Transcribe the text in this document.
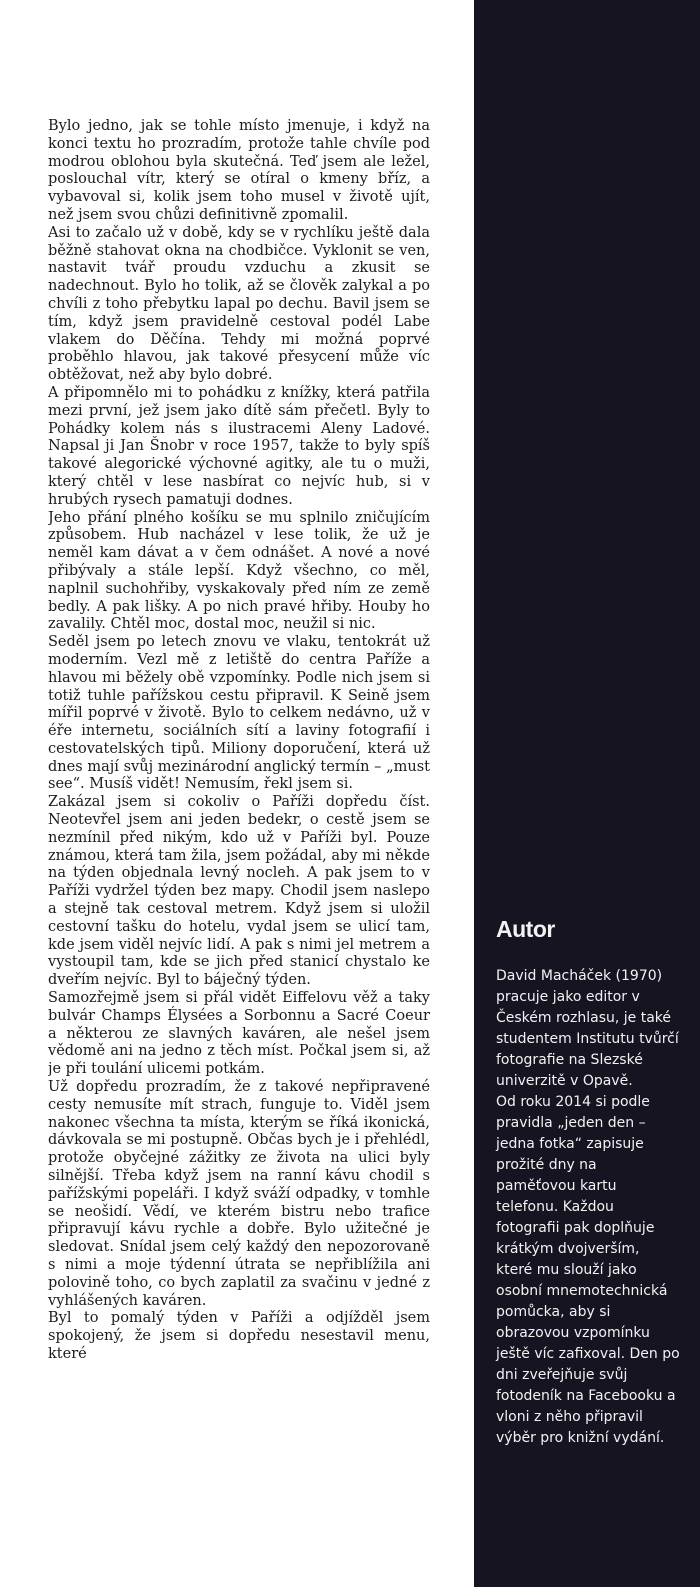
Bylo jedno, jak se tohle místo jmenuje, i když na konci textu ho prozradím, protože tahle chvíle pod modrou oblohou byla skutečná. Teď jsem ale ležel, poslouchal vítr, který se otíral o kmeny bříz, a vybavoval si, kolik jsem toho musel v životě ujít, než jsem svou chůzi definitivně zpomalil.

Asi to začalo už v době, kdy se v rychlíku ještě dala běžně stahovat okna na chodbičce. Vyklonit se ven, nastavit tvář proudu vzduchu a zkusit se nadechnout. Bylo ho tolik, až se člověk zalykal a po chvíli z toho přebytku lapal po dechu. Bavil jsem se tím, když jsem pravidelně cestoval podél Labe vlakem do Děčína. Tehdy mi možná poprvé proběhlo hlavou, jak takové přesycení může víc obtěžovat, než aby bylo dobré.

A připomnělo mi to pohádku z knížky, která patřila mezi první, jež jsem jako dítě sám přečetl. Byly to Pohádky kolem nás s ilustracemi Aleny Ladové. Napsal ji Jan Šnobr v roce 1957, takže to byly spíš takové alegorické výchovné agitky, ale tu o muži, který chtěl v lese nasbírat co nejvíc hub, si v hrubých rysech pamatuji dodnes.

Jeho přání plného košíku se mu splnilo zničujícím způsobem. Hub nacházel v lese tolik, že už je neměl kam dávat a v čem odnášet. A nové a nové přibývaly a stále lepší. Když všechno, co měl, naplnil suchohřiby, vyskakovaly před ním ze země bedly. A pak lišky. A po nich pravé hřiby. Houby ho zavalily. Chtěl moc, dostal moc, neužil si nic.

Seděl jsem po letech znovu ve vlaku, tentokrát už moderním. Vezl mě z letiště do centra Paříže a hlavou mi běžely obě vzpomínky. Podle nich jsem si totiž tuhle pařížskou cestu připravil. K Seině jsem mířil poprvé v životě. Bylo to celkem nedávno, už v éře internetu, sociálních sítí a laviny fotografií i cestovatelských tipů. Miliony doporučení, která už dnes mají svůj mezinárodní anglický termín – „must see“. Musíš vidět! Nemusím, řekl jsem si.

Zakázal jsem si cokoliv o Paříži dopředu číst. Neotevřel jsem ani jeden bedekr, o cestě jsem se nezmínil před nikým, kdo už v Paříži byl. Pouze známou, která tam žila, jsem požádal, aby mi někde na týden objednala levný nocleh. A pak jsem to v Paříži vydržel týden bez mapy. Chodil jsem naslepo a stejně tak cestoval metrem. Když jsem si uložil cestovní tašku do hotelu, vydal jsem se ulicí tam, kde jsem viděl nejvíc lidí. A pak s nimi jel metrem a vystoupil tam, kde se jich před stanicí chystalo ke dveřím nejvíc. Byl to báječný týden.

Samozřejmě jsem si přál vidět Eiffelovu věž a taky bulvár Champs Élysées a Sorbonnu a Sacré Coeur a některou ze slavných kaváren, ale nešel jsem vědomě ani na jedno z těch míst. Počkal jsem si, až je při toulání ulicemi potkám.

Už dopředu prozradím, že z takové nepřipravené cesty nemusíte mít strach, funguje to. Viděl jsem nakonec všechna ta místa, kterým se říká ikonická, dávkovala se mi postupně. Občas bych je i přehlédl, protože obyčejné zážitky ze života na ulici byly silnější. Třeba když jsem na ranní kávu chodil s pařížskými popeláři. I když sváží odpadky, v tomhle se neošidí. Vědí, ve kterém bistru nebo trafice připravují kávu rychle a dobře. Bylo užitečné je sledovat. Snídal jsem celý každý den nepozorovaně s nimi a moje týdenní útrata se nepřiblížila ani polovině toho, co bych zaplatil za svačinu v jedné z vyhlášených kaváren.

Byl to pomalý týden v Paříži a odjížděl jsem spokojený, že jsem si dopředu nesestavil menu, které

Autor

David Macháček (1970) pracuje jako editor v Českém rozhlasu, je také studentem Institutu tvůrčí fotografie na Slezské univerzitě v Opavě.

Od roku 2014 si podle pravidla „jeden den – jedna fotka“ zapisuje prožité dny na paměťovou kartu telefonu. Každou fotografii pak doplňuje krátkým dvojverším, které mu slouží jako osobní mnemotechnická pomůcka, aby si obrazovou vzpomínku ještě víc zafixoval. Den po dni zveřejňuje svůj fotodeník na Facebooku a vloni z něho připravil výběr pro knižní vydání.
